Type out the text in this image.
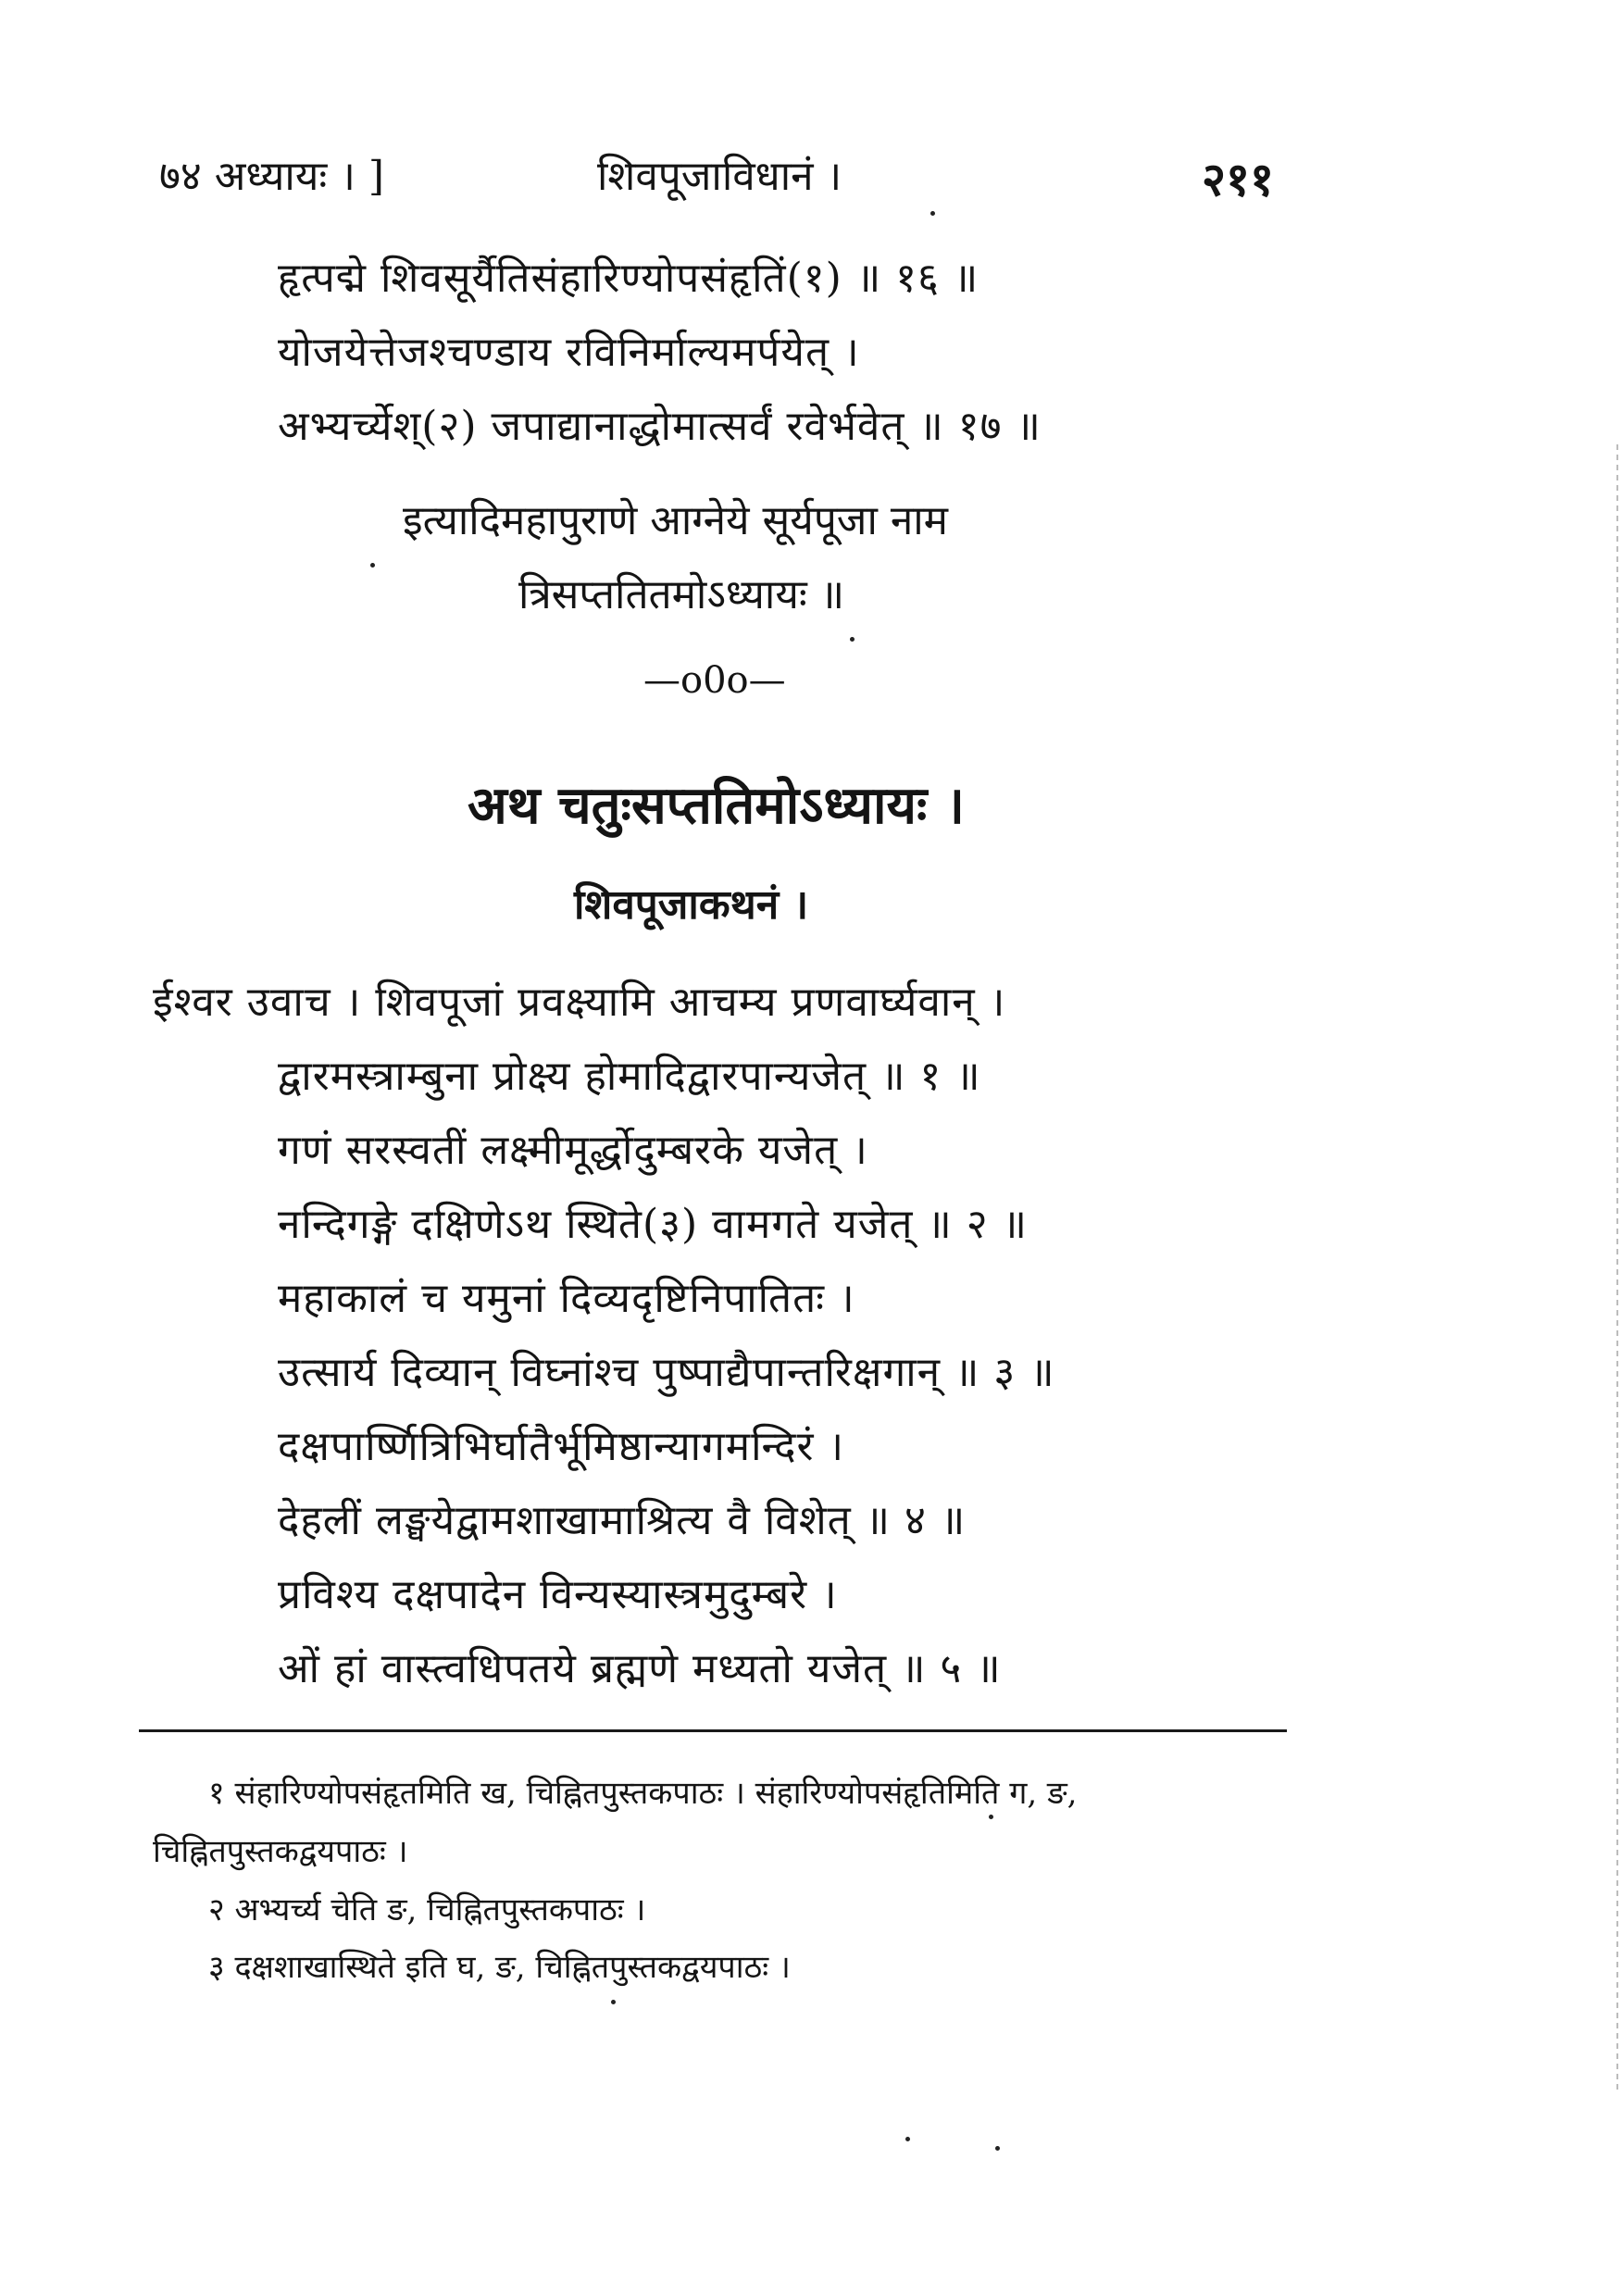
७४ अध्यायः । ]	शिवपूजाविधानं ।	२११
हृत्पद्मे शिवसूर्यैतिसंहारिण्योपसंहृतिं(१) ॥ १६ ॥
योजयेत्तेजश्चण्डाय रविनिर्माल्यमर्पयेत् ।
अभ्यर्च्येश्(२) जपाद्यानाद्धोमात्सर्वं रवेर्भवेत् ॥ १७ ॥
इत्यादिमहापुराणे आग्नेये सूर्यपूजा नाम
त्रिसप्ततितमोऽध्यायः ॥
—o0o—
अथ चतुःसप्ततिमोऽध्यायः ।
शिवपूजाकथनं ।
ईश्वर उवाच । शिवपूजां प्रवक्ष्यामि आचम्य प्रणवार्घ्यवान् ।
द्वारमस्त्राम्बुना प्रोक्ष्य होमादिद्वारपान्यजेत् ॥ १ ॥
गणं सरस्वतीं लक्ष्मीमूर्द्धोदुम्बरके यजेत् ।
नन्दिगङ्गे दक्षिणेऽथ स्थिते(३) वामगते यजेत् ॥ २ ॥
महाकालं च यमुनां दिव्यदृष्टिनिपातितः ।
उत्सार्य दिव्यान् विघ्नांश्च पुष्पाद्यैपान्तरिक्षगान् ॥ ३ ॥
दक्षपार्ष्णित्रिभिर्घातैर्भूमिष्ठान्यागमन्दिरं ।
देहलीं लङ्घयेद्वामशाखामाश्रित्य वै विशेत् ॥ ४ ॥
प्रविश्य दक्षपादेन विन्यस्यास्त्रमुदुम्बरे ।
ओं हां वास्त्वधिपतये ब्रह्मणे मध्यतो यजेत् ॥ ५ ॥
१ संहारिण्योपसंहृतमिति ख, चिह्नितपुस्तकपाठः । संहारिण्योपसंहृतिमिति ग, ङ,
चिह्नितपुस्तकद्वयपाठः ।
२ अभ्यर्च्य चेति ङ, चिह्नितपुस्तकपाठः ।
३ दक्षशाखास्थिते इति घ, ङ, चिह्नितपुस्तकद्वयपाठः ।
